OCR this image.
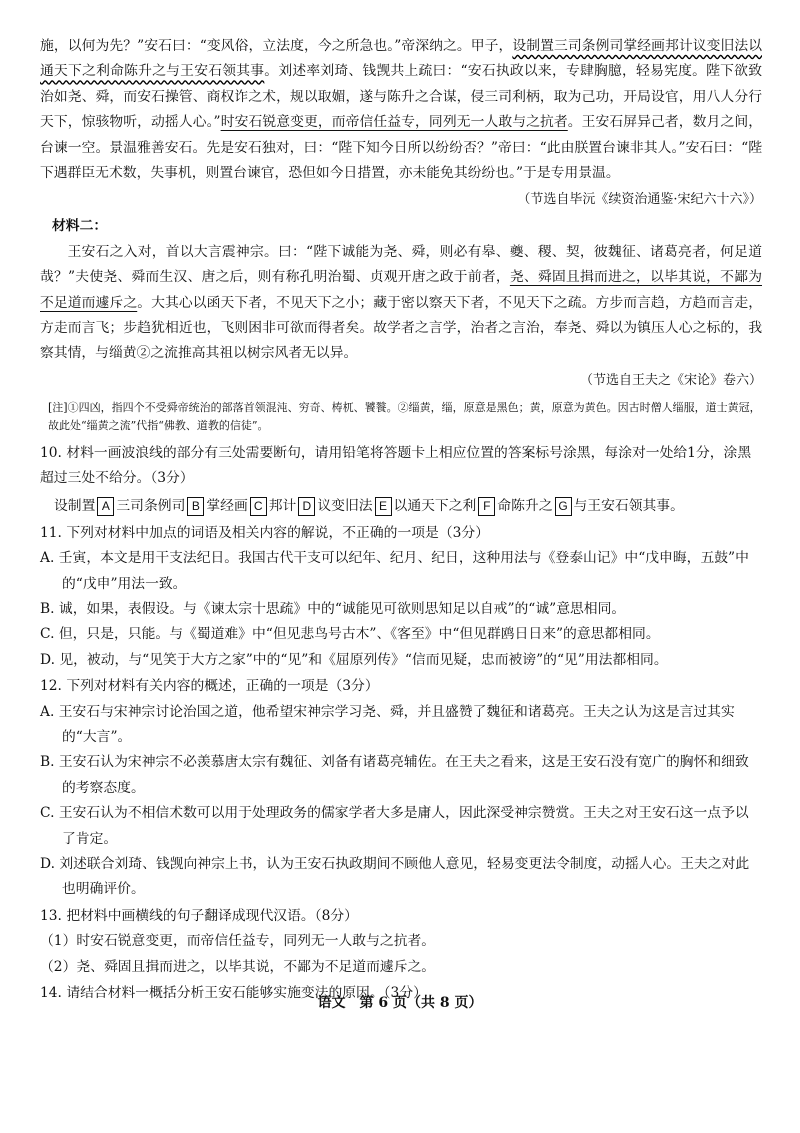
施，以何为先？”安石曰：“变风俗，立法度，今之所急也。”帝深纳之。甲子，设制置三司条例司掌经画邦计议变旧法以通天下之利命陈升之与王安石领其事。刘述率刘琦、钱觊共上疏曰：“安石执政以来，专肆胸臆，轻易宪度。陛下欲致治如尧、舜，而安石操管、商权诈之术，规以取媚，遂与陈升之合谋，侵三司利柄，取为己功，开局设官，用八人分行天下，惊骇物听，动摇人心。”时安石锐意变更，而帝信任益专，同列无一人敢与之抗者。王安石屏异己者，数月之间，台谏一空。景温雅善安石。先是安石独对，曰：“陛下知今日所以纷纷否？”帝曰：“此由朕置台谏非其人。”安石曰：“陛下遇群臣无术数，失事机，则置台谏官，恐但如今日措置，亦未能免其纷纷也。”于是专用景温。

（节选自毕沅《续资治通鉴·宋纪六十六》）

材料二：

王安石之入对，首以大言震神宗。曰：“陛下诚能为尧、舜，则必有皋、夔、稷、契，彼魏征、诸葛亮者，何足道哉？”夫使尧、舜而生汉、唐之后，则有称孔明治蜀、贞观开唐之政于前者，尧、舜固且揖而进之，以毕其说，不鄙为不足道而遽斥之。大其心以函天下者，不见天下之小；藏于密以察天下者，不见天下之疏。方步而言趋，方趋而言走，方走而言飞；步趋犹相近也，飞则困非可欲而得者矣。故学者之言学，治者之言治，奉尧、舜以为镇压人心之标的，我察其情，与缁黄②之流推高其祖以树宗风者无以异。

（节选自王夫之《宋论》卷六）

[注]①四凶，指四个不受舜帝统治的部落首领混沌、穷奇、梼杌、饕餮。②缁黄，缁，原意是黑色；黄，原意为黄色。因古时僧人缁服，道士黄冠，故此处“缁黄之流”代指“佛教、道教的信徒”。

10. 材料一画波浪线的部分有三处需要断句，请用铅笔将答题卡上相应位置的答案标号涂黑，每涂对一处给1分，涂黑超过三处不给分。（3分）
设制置 A 三司条例司 B 掌经画 C 邦计 D 议变旧法 E 以通天下之利 F 命陈升之 G 与王安石领其事。
11. 下列对材料中加点的词语及相关内容的解说，不正确的一项是（3分）
A. 壬寅，本文是用干支法纪日。我国古代干支可以纪年、纪月、纪日，这种用法与《登泰山记》中“戊申晦，五鼓”中的“戊申”用法一致。
B. 诚，如果，表假设。与《谏太宗十思疏》中的“诚能见可欲则思知足以自戒”的“诚”意思相同。
C. 但，只是，只能。与《蜀道难》中“但见悲鸟号古木”、《客至》中“但见群鸥日日来”的意思都相同。
D. 见，被动，与“见笑于大方之家”中的“见”和《屈原列传》“信而见疑，忠而被谤”的“见”用法都相同。
12. 下列对材料有关内容的概述，正确的一项是（3分）
A. 王安石与宋神宗讨论治国之道，他希望宋神宗学习尧、舜，并且盛赞了魏征和诸葛亮。王夫之认为这是言过其实的“大言”。
B. 王安石认为宋神宗不必羡慕唐太宗有魏征、刘备有诸葛亮辅佐。在王夫之看来，这是王安石没有宽广的胸怀和细致的考察态度。
C. 王安石认为不相信术数可以用于处理政务的儒家学者大多是庸人，因此深受神宗赞赏。王夫之对王安石这一点予以了肯定。
D. 刘述联合刘琦、钱觊向神宗上书，认为王安石执政期间不顾他人意见，轻易变更法令制度，动摇人心。王夫之对此也明确评价。
13. 把材料中画横线的句子翻译成现代汉语。（8分）
（1）时安石锐意变更，而帝信任益专，同列无一人敢与之抗者。
（2）尧、舜固且揖而进之，以毕其说，不鄙为不足道而遽斥之。
14. 请结合材料一概括分析王安石能够实施变法的原因。（3分）
语文　第 6 页（共 8 页）
